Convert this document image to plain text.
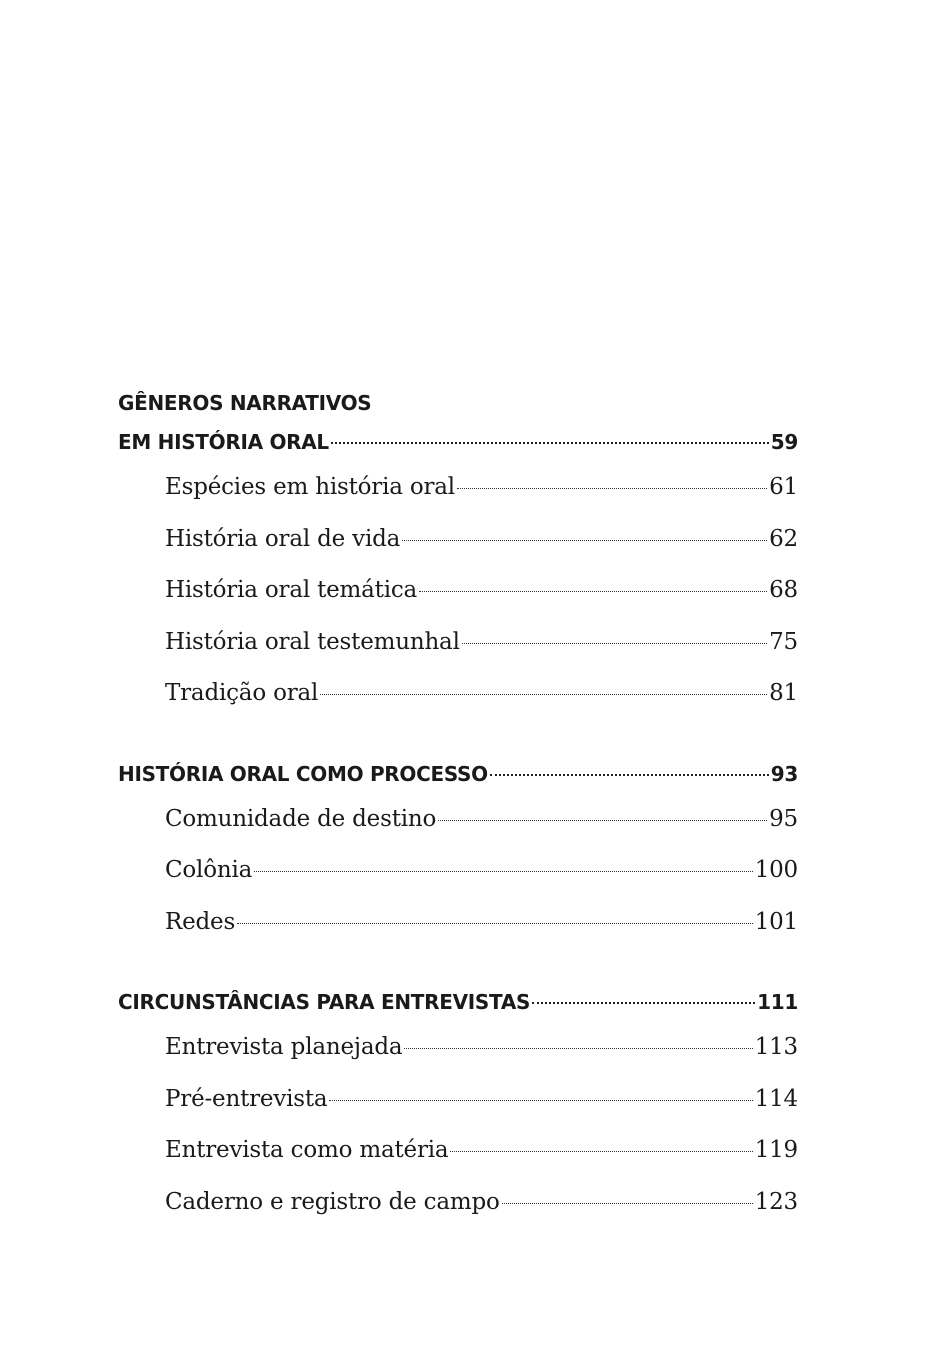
GÊNEROS NARRATIVOS
EM HISTÓRIA ORAL	59
Espécies em história oral	61
História oral de vida	62
História oral temática	68
História oral testemunhal	75
Tradição oral	81
HISTÓRIA ORAL COMO PROCESSO	93
Comunidade de destino	95
Colônia	100
Redes	101
CIRCUNSTÂNCIAS PARA ENTREVISTAS	111
Entrevista planejada	113
Pré-entrevista	114
Entrevista como matéria	119
Caderno e registro de campo	123
